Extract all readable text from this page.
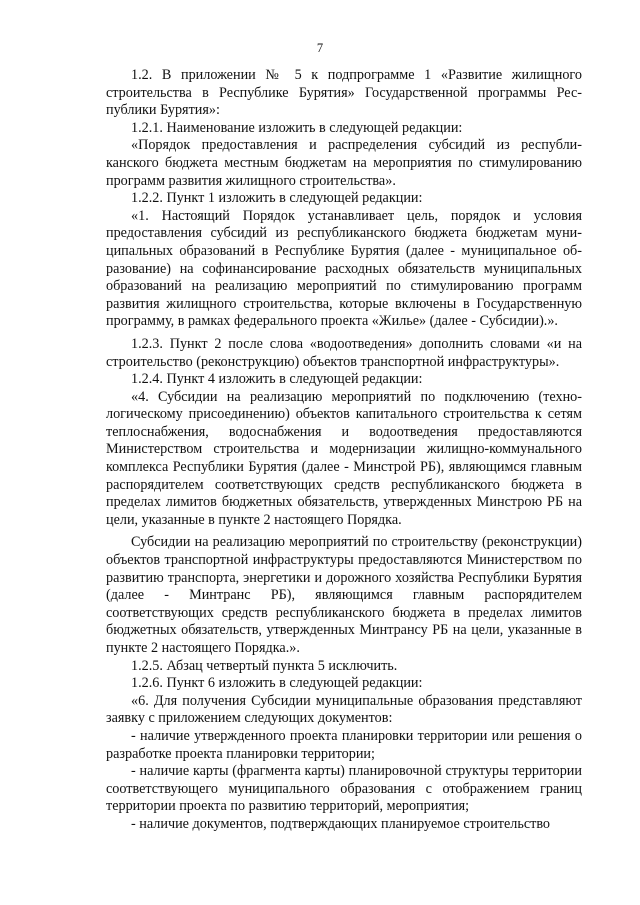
7

1.2. В приложении № 5 к подпрограмме 1 «Развитие жилищного строительства в Республике Бурятия» Государственной программы Республики Бурятия»:

1.2.1. Наименование изложить в следующей редакции:

«Порядок предоставления и распределения субсидий из республиканского бюджета местным бюджетам на мероприятия по стимулированию программ развития жилищного строительства».

1.2.2. Пункт 1 изложить в следующей редакции:

«1. Настоящий Порядок устанавливает цель, порядок и условия предоставления субсидий из республиканского бюджета бюджетам муниципальных образований в Республике Бурятия (далее - муниципальное образование) на софинансирование расходных обязательств муниципальных образований на реализацию мероприятий по стимулированию программ развития жилищного строительства, которые включены в Государственную программу, в рамках федерального проекта «Жилье» (далее - Субсидии).».

1.2.3. Пункт 2 после слова «водоотведения» дополнить словами «и на строительство (реконструкцию) объектов транспортной инфраструктуры».

1.2.4. Пункт 4 изложить в следующей редакции:

«4. Субсидии на реализацию мероприятий по подключению (технологическому присоединению) объектов капитального строительства к сетям теплоснабжения, водоснабжения и водоотведения предоставляются Министерством строительства и модернизации жилищно-коммунального комплекса Республики Бурятия (далее - Минстрой РБ), являющимся главным распорядителем соответствующих средств республиканского бюджета в пределах лимитов бюджетных обязательств, утвержденных Минстрою РБ на цели, указанные в пункте 2 настоящего Порядка.

Субсидии на реализацию мероприятий по строительству (реконструкции) объектов транспортной инфраструктуры предоставляются Министерством по развитию транспорта, энергетики и дорожного хозяйства Республики Бурятия (далее - Минтранс РБ), являющимся главным распорядителем соответствующих средств республиканского бюджета в пределах лимитов бюджетных обязательств, утвержденных Минтрансу РБ на цели, указанные в пункте 2 настоящего Порядка.».

1.2.5. Абзац четвертый пункта 5 исключить.

1.2.6. Пункт 6 изложить в следующей редакции:

«6. Для получения Субсидии муниципальные образования представляют заявку с приложением следующих документов:

- наличие утвержденного проекта планировки территории или решения о разработке проекта планировки территории;

- наличие карты (фрагмента карты) планировочной структуры территории соответствующего муниципального образования с отображением границ территории проекта по развитию территорий, мероприятия;

- наличие документов, подтверждающих планируемое строительство
